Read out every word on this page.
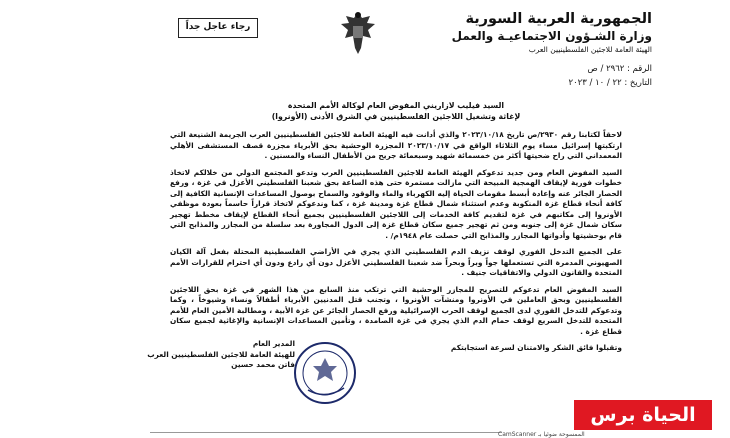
رجاء عاجل جداً	الجمهورية العربية السورية
وزارة الشـؤون الاجتماعيـة والعمل
الهيئة العامة للاجئين الفلسطينيين العرب
الرقم : ٢٩٦٢ / ص
التاريخ : ٢٢ / ١٠ / ٢٠٢٣
السيد فيليب لازاريني المفوض العام لوكالة الأمم المتحدة
لإغاثة وتشغيل اللاجئين الفلسطينيين في الشرق الأدنى (الأونروا)

لاحقاً لكتابنا رقم ٢٩٣٠/ص تاريخ ٢٠٢٣/١٠/١٨ والذي أدانت فيه الهيئة العامة للاجئين الفلسطينيين العرب الجريمة الشنيعة التي ارتكبتها إسرائيل مساء يوم الثلاثاء الواقع في ٢٠٢٣/١٠/١٧ المجزرة الوحشية بحق الأبرياء مجزرة قصف المستشفى الأهلي المعمداني التي راح ضحيتها أكثر من خمسمائة شهيد وسبعمائة جريح من الأطفال النساء والمسنين .

السيد المفوض العام ومن جديد تدعوكم الهيئة العامة للاجئين الفلسطينيين العرب وتدعو المجتمع الدولي من خلالكم لاتخاذ خطوات فورية لإيقاف الهمجية المبيحة التي مازالت مستمرة حتى هذه الساعة بحق شعبنا الفلسطيني الأعزل في غزة ، ورفع الحصار الجائر عنه وإعادة أبسط مقومات الحياة إليه الكهرباء والماء والوقود والسماح بوصول المساعدات الإنسانية الكافية إلى كافة أنحاء قطاع غزة المنكوبة وعدم استثناء شمال قطاع غزة ومدينة غزة ، كما وندعوكم لاتخاذ قراراً حاسماً بعودة موظفي الأونروا إلى مكاتبهم في غزة لتقديم كافة الخدمات إلى اللاجئين الفلسطينيين بجميع أنحاء القطاع لإيقاف مخطط تهجير سكان شمال غزة إلى جنوبه ومن ثم تهجير جميع سكان قطاع غزة إلى الدول المجاورة بعد سلسلة من المجازر والمذابح التي قام بوحشيتها وأدواتها المجازر والمذابح التي حصلت عام ١٩٤٨م/ .

على الجميع التدخل الفوري لوقف نزيف الدم الفلسطيني الذي يجري في الأراضي الفلسطينية المحتلة بفعل آلة الكيان الصهيوني المدمرة التي تستعملها جواً وبراً وبحراً ضد شعبنا الفلسطيني الأعزل دون أي رادع ودون أي احترام للقرارات الأمم المتحدة والقانون الدولي والاتفاقيات جنيف .

السيد المفوض العام تدعوكم للتصريح للمجازر الوحشية التي ترتكب منذ السابع من هذا الشهر في غزة بحق اللاجئين الفلسطينيين وبحق العاملين في الأونروا ومنشآت الأونروا ، وتجنب قتل المدنيين الأبرياء أطفالاً ونساء وشيوخاً ، وكما وتدعوكم للتدخل الفوري لدى الجميع لوقف الحرب الإسرائيلية ورفع الحصار الجائر عن غزة الأبية ، ومطالبة الأمين العام للأمم المتحدة للتدخل السريع لوقف حمام الدم الذي يجري في غزة الصامدة ، وتأمين المساعدات الإنسانية والإغاثية لجميع سكان قطاع غزة .

وتقبلوا فائق الشكر والامتنان لسرعة استجابتكم
المدير العام
للهيئة العامة للاجئين الفلسطينيين العرب
فاتن محمد حسين
الممسوحة ضوئيا بـ CamScanner
الحياة برس
